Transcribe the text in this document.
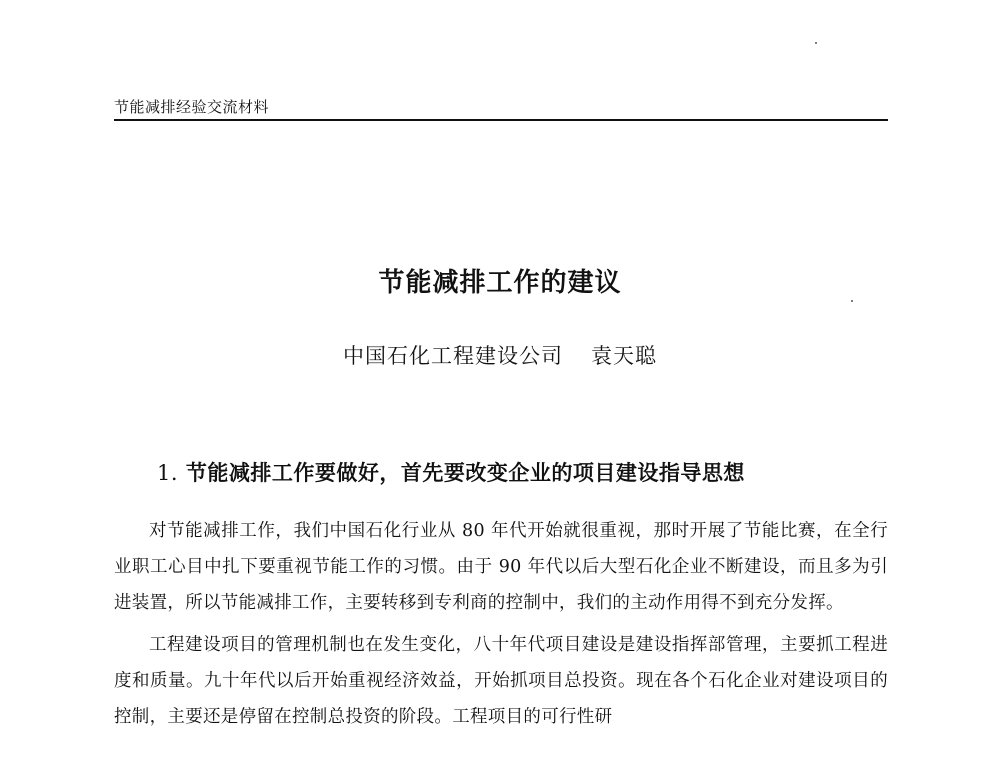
节能减排经验交流材料
节能减排工作的建议
中国石化工程建设公司 袁天聪
1. 节能减排工作要做好，首先要改变企业的项目建设指导思想

对节能减排工作，我们中国石化行业从 80 年代开始就很重视，那时开展了节能比赛，在全行业职工心目中扎下要重视节能工作的习惯。由于 90 年代以后大型石化企业不断建设，而且多为引进装置，所以节能减排工作，主要转移到专利商的控制中，我们的主动作用得不到充分发挥。

工程建设项目的管理机制也在发生变化，八十年代项目建设是建设指挥部管理，主要抓工程进度和质量。九十年代以后开始重视经济效益，开始抓项目总投资。现在各个石化企业对建设项目的控制，主要还是停留在控制总投资的阶段。工程项目的可行性研
